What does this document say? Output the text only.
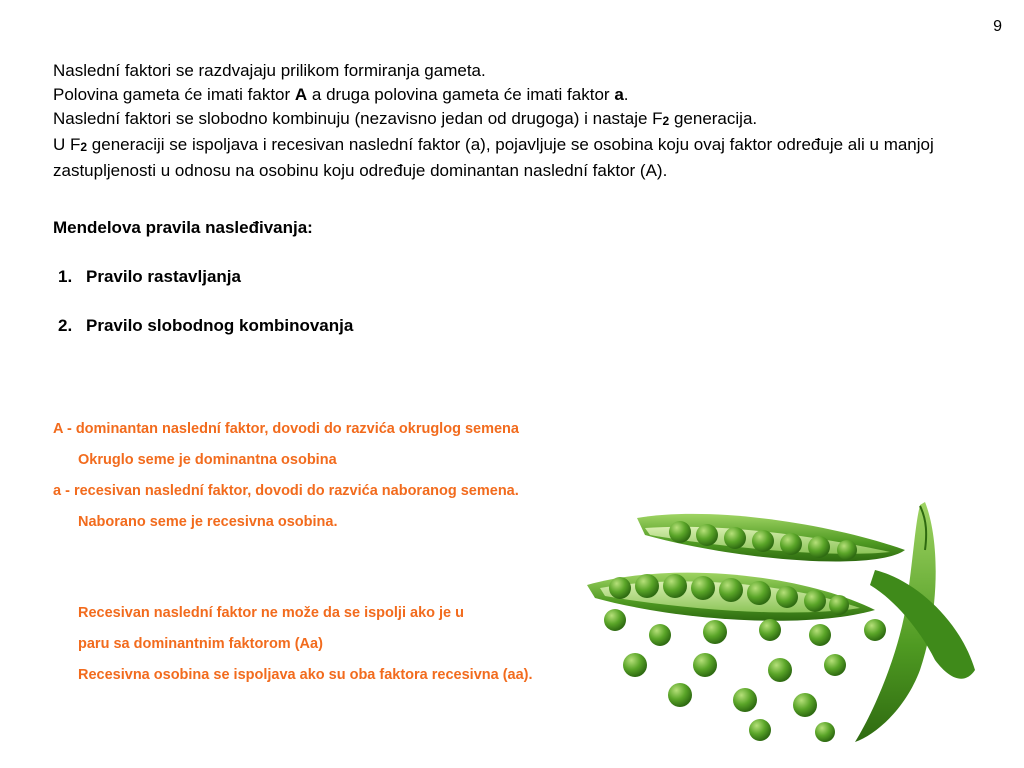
9

Naslední faktori se razdvajaju prilikom formiranja gameta.

Polovina gameta će imati faktor A a druga polovina gameta će imati faktor a.

Naslední faktori se slobodno kombinuju (nezavisno jedan od drugoga) i nastaje $F_2$ generacija.

U $F_2$ generaciji se ispoljava i recesivan naslední faktor (a), pojavljuje se osobina koju ovaj faktor određuje ali u manjoj zastupljenosti u odnosu na osobinu koju određuje dominantan naslední faktor (A).

Mendelova pravila nasleđivanja:
1. Pravilo rastavljanja
2. Pravilo slobodnog kombinovanja
A - dominantan naslední faktor, dovodi do razvića okruglog semena
Okruglo seme je dominantna osobina
a - recesivan naslední faktor, dovodi do razvića naboranog semena.
Naborano seme je recesivna osobina.
Recesivan naslední faktor ne može da se ispolji ako je u
paru sa dominantnim faktorom (Aa)
Recesivna osobina se ispoljava ako su oba faktora recesivna (aa).
